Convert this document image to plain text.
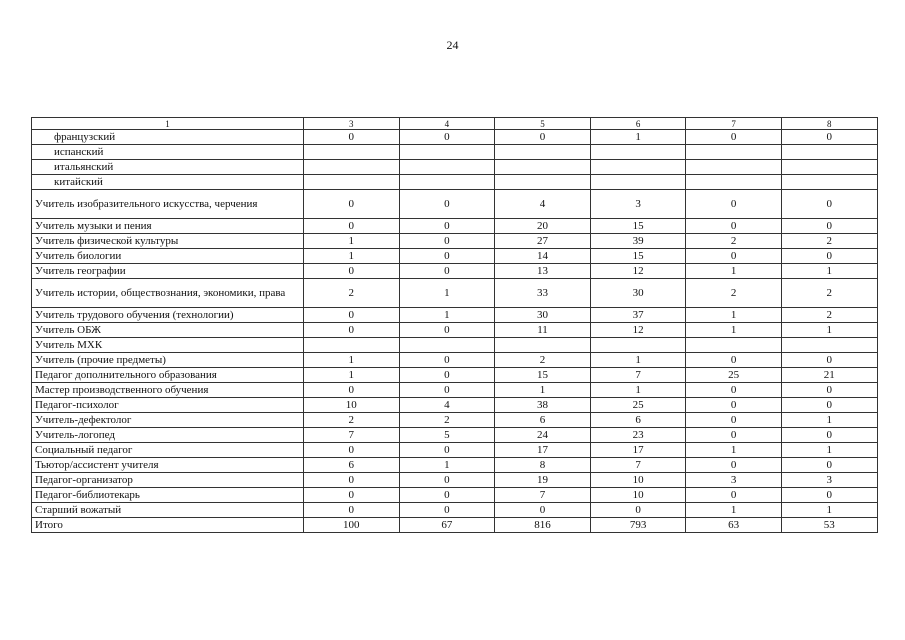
24
1	3	4	5	6	7	8
французский	0	0	0	1	0	0
испанский						
итальянский						
китайский						
Учитель изобразительного искусства, черчения	0	0	4	3	0	0
Учитель музыки и пения	0	0	20	15	0	0
Учитель физической культуры	1	0	27	39	2	2
Учитель биологии	1	0	14	15	0	0
Учитель географии	0	0	13	12	1	1
Учитель истории, обществознания, экономики, права	2	1	33	30	2	2
Учитель трудового обучения (технологии)	0	1	30	37	1	2
Учитель ОБЖ	0	0	11	12	1	1
Учитель МХК						
Учитель (прочие предметы)	1	0	2	1	0	0
Педагог дополнительного образования	1	0	15	7	25	21
Мастер производственного обучения	0	0	1	1	0	0
Педагог-психолог	10	4	38	25	0	0
Учитель-дефектолог	2	2	6	6	0	1
Учитель-логопед	7	5	24	23	0	0
Социальный педагог	0	0	17	17	1	1
Тьютор/ассистент учителя	6	1	8	7	0	0
Педагог-организатор	0	0	19	10	3	3
Педагог-библиотекарь	0	0	7	10	0	0
Старший вожатый	0	0	0	0	1	1
Итого	100	67	816	793	63	53
